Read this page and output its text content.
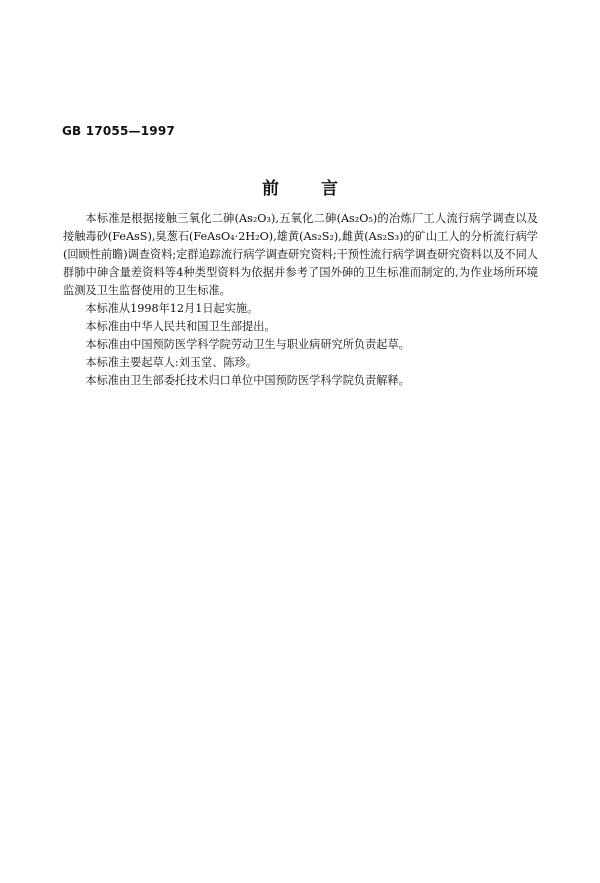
GB 17055—1997
前言

本标准是根据接触三氧化二砷(As₂O₃),五氧化二砷(As₂O₅)的冶炼厂工人流行病学调查以及接触毒砂(FeAsS),臭葱石(FeAsO₄·2H₂O),雄黄(As₂S₂),雌黄(As₂S₃)的矿山工人的分析流行病学(回顾性前瞻)调查资料;定群追踪流行病学调查研究资料;干预性流行病学调查研究资料以及不同人群肺中砷含量差资料等4种类型资料为依据并参考了国外砷的卫生标准而制定的,为作业场所环境监测及卫生监督使用的卫生标准。

本标准从1998年12月1日起实施。

本标准由中华人民共和国卫生部提出。

本标准由中国预防医学科学院劳动卫生与职业病研究所负责起草。

本标准主要起草人:刘玉堂、陈珍。

本标准由卫生部委托技术归口单位中国预防医学科学院负责解释。
